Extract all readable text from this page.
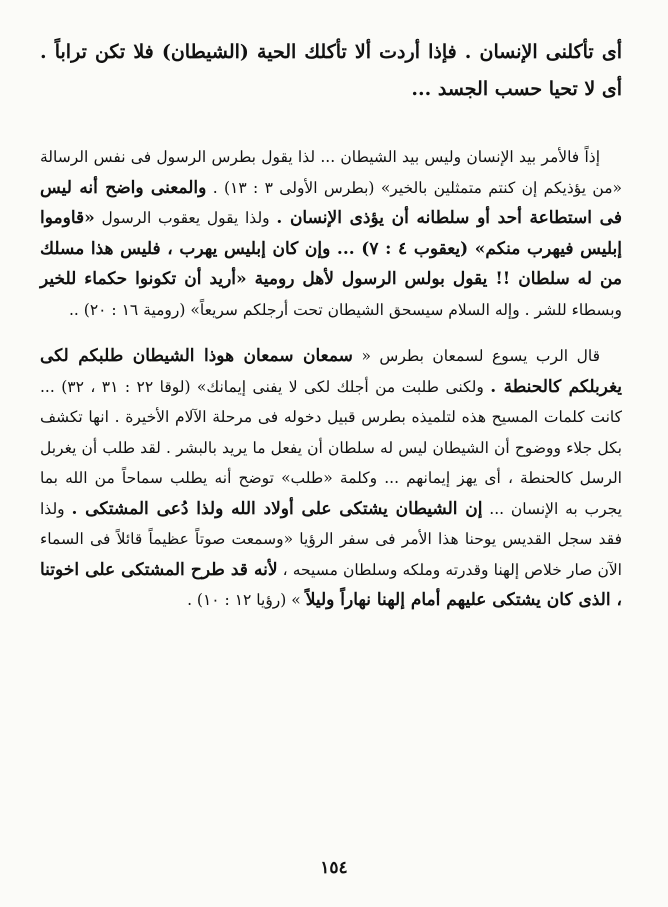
أى تأكلنى الإنسان . فإذا أردت ألا تأكلك الحية (الشيطان) فلا تكن تراباً . أى لا تحيا حسب الجسد ...

إذاً فالأمر بيد الإنسان وليس بيد الشيطان ... لذا يقول بطرس الرسول فى نفس الرسالة «من يؤذيكم إن كنتم متمثلين بالخير» (بطرس الأولى ٣ : ١٣) . والمعنى واضح أنه ليس فى استطاعة أحد أو سلطانه أن يؤذى الإنسان . ولذا يقول يعقوب الرسول «قاوموا إبليس فيهرب منكم» (يعقوب ٤ : ٧) ... وإن كان إبليس يهرب ، فليس هذا مسلك من له سلطان !! يقول بولس الرسول لأهل رومية «أريد أن تكونوا حكماء للخير وبسطاء للشر . وإله السلام سيسحق الشيطان تحت أرجلكم سريعاً» (رومية ١٦ : ٢٠) ..

قال الرب يسوع لسمعان بطرس « سمعان سمعان هوذا الشيطان طلبكم لكى يغربلكم كالحنطة . ولكنى طلبت من أجلك لكى لا يفنى إيمانك» (لوقا ٢٢ : ٣١ ، ٣٢) ... كانت كلمات المسيح هذه لتلميذه بطرس قبيل دخوله فى مرحلة الآلام الأخيرة . انها تكشف بكل جلاء ووضوح أن الشيطان ليس له سلطان أن يفعل ما يريد بالبشر . لقد طلب أن يغربل الرسل كالحنطة ، أى يهز إيمانهم ... وكلمة «طلب» توضح أنه يطلب سماحاً من الله بما يجرب به الإنسان ... إن الشيطان يشتكى على أولاد الله ولذا دُعى المشتكى . ولذا فقد سجل القديس يوحنا هذا الأمر فى سفر الرؤيا «وسمعت صوتاً عظيماً قائلاً فى السماء الآن صار خلاص إلهنا وقدرته وملكه وسلطان مسيحه ، لأنه قد طرح المشتكى على اخوتنا ، الذى كان يشتكى عليهم أمام إلهنا نهاراً وليلاً » (رؤيا ١٢ : ١٠) .

١٥٤
